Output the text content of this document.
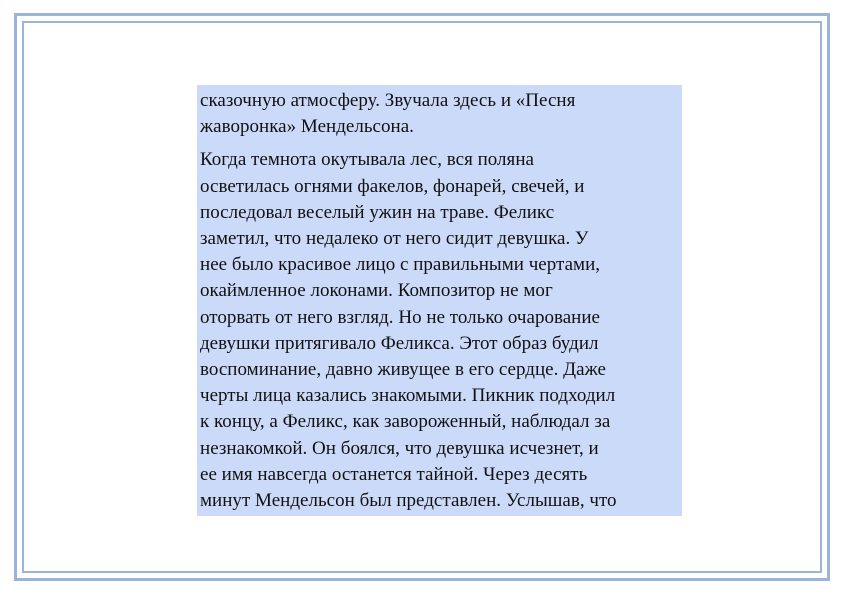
сказочную атмосферу. Звучала здесь и «Песня
жаворонка» Мендельсона.

Когда темнота окутывала лес, вся поляна
осветилась огнями факелов, фонарей, свечей, и
последовал веселый ужин на траве. Феликс
заметил, что недалеко от него сидит девушка. У
нее было красивое лицо с правильными чертами,
окаймленное локонами. Композитор не мог
оторвать от него взгляд. Но не только очарование
девушки притягивало Феликса. Этот образ будил
воспоминание, давно живущее в его сердце. Даже
черты лица казались знакомыми. Пикник подходил
к концу, а Феликс, как завороженный, наблюдал за
незнакомкой. Он боялся, что девушка исчезнет, и
ее имя навсегда останется тайной. Через десять
минут Мендельсон был представлен. Услышав, что
